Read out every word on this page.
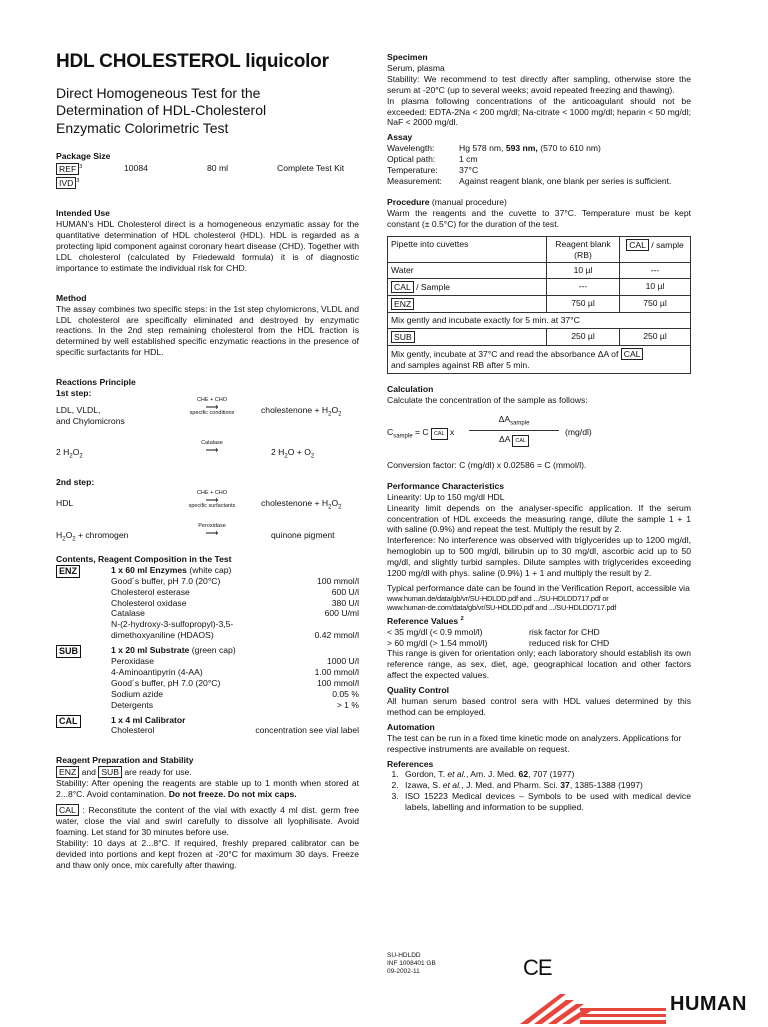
HDL CHOLESTEROL liquicolor
Direct Homogeneous Test for the
Determination of HDL-Cholesterol
Enzymatic Colorimetric Test
Package Size
REF $^3$	10084	80 ml	Complete Test Kit
IVD $^3$
Intended Use

HUMAN’s HDL Cholesterol direct is a homogeneous enzymatic assay for the quantitative determination of HDL cholesterol (HDL). HDL is regarded as a protecting lipid component against coronary heart disease (CHD). Together with LDL cholesterol (calculated by Friedewald formula) it is of diagnostic importance to estimate the individual risk for CHD.

Method

The assay combines two specific steps: in the 1st step chylomicrons, VLDL and LDL cholesterol are specifically eliminated and destroyed by enzymatic reactions. In the 2nd step remaining cholesterol from the HDL fraction is determined by well established specific enzymatic reactions in the presence of specific surfactants for HDL.

Reactions Principle
1st step:
LDL, VLDL,
and Chylomicrons
CHE + CHO
⟶
specific conditions	cholestenone + $H_2O_2$
2 $H_2O_2$
Catalase
⟶	2 $H_2O + O_2$
2nd step:
HDL
CHE + CHO
⟶
specific surfactants	cholestenone + $H_2O_2$
$H_2O_2$ + chromogen
Peroxidase
⟶	quinone pigment
Contents, Reagent Composition in the Test
ENZ	1 x 60 ml Enzymes (white cap)
Good´s buffer, pH 7.0 (20°C)	100 mmol/l
Cholesterol esterase	600 U/l
Cholesterol oxidase	380 U/l
Catalase	600 U/ml
N-(2-hydroxy-3-sulfopropyl)-3,5-
dimethoxyaniline (HDAOS)	0.42 mmol/l
SUB	1 x 20 ml Substrate (green cap)
Peroxidase	1000 U/l
4-Aminoantipyrin (4-AA)	1.00 mmol/l
Good´s buffer, pH 7.0 (20°C)	100 mmol/l
Sodium azide	0.05 %
Detergents	> 1 %
CAL	1 x 4 ml Calibrator
Cholesterol	concentration see vial label
Reagent Preparation and Stability

ENZ and SUB are ready for use.

Stability: After opening the reagents are stable up to 1 month when stored at 2...8°C. Avoid contamination. Do not freeze. Do not mix caps.

CAL : Reconstitute the content of the vial with exactly 4 ml dist. germ free water, close the vial and swirl carefully to dissolve all lyophilisate. Avoid foaming. Let stand for 30 minutes before use.

Stability: 10 days at 2...8°C. If required, freshly prepared calibrator can be devided into portions and kept frozen at -20°C for maximum 30 days. Freeze and thaw only once, mix carefully after thawing.

Specimen

Serum, plasma

Stability: We recommend to test directly after sampling, otherwise store the serum at -20°C (up to several weeks; avoid repeated freezing and thawing).

In plasma following concentrations of the anticoagulant should not be exceeded: EDTA-2Na < 200 mg/dl; Na-citrate < 1000 mg/dl; heparin < 50 mg/dl; NaF < 2000 mg/dl.

Assay
Wavelength:	Hg 578 nm, 593 nm, (570 to 610 nm)
Optical path:	1 cm
Temperature:	37°C
Measurement:	Against reagent blank, one blank per series is sufficient.
Procedure (manual procedure)

Warm the reagents and the cuvette to 37°C. Temperature must be kept constant (± 0.5°C) for the duration of the test.

Pipette into cuvettes	Reagent blank (RB)	CAL / sample
Water	10 µl	---
CAL / Sample	---	10 µl
ENZ	750 µl	750 µl
Mix gently and incubate exactly for 5 min. at 37°C		
SUB	250 µl	250 µl
Mix gently, incubate at 37°C and read the absorbance ΔA of CAL
and samples against RB after 5 min.		
Calculation

Calculate the concentration of the sample as follows:

$C_{sample} = C$ CAL x
$\Delta A_{sample}$
ΔA CAL
(mg/dl)

Conversion factor: C (mg/dl) x 0.02586 = C (mmol/l).

Performance Characteristics

Linearity: Up to 150 mg/dl HDL

Linearity limit depends on the analyser-specific application. If the serum concentration of HDL exceeds the measuring range, dilute the sample 1 + 1 with saline (0.9%) and repeat the test. Multiply the result by 2.

Interference: No interference was observed with triglycerides up to 1200 mg/dl, hemoglobin up to 500 mg/dl, bilirubin up to 30 mg/dl, ascorbic acid up to 50 mg/dl, and slightly turbid samples. Dilute samples with triglycerides exceeding 1200 mg/dl with phys. saline (0.9%) 1 + 1 and multiply the result by 2.

Typical performance date can be found in the Verification Report, accessible via

www.human.de/data/gb/vr/SU-HDLDD.pdf and .../SU-HDLDD717.pdf or

www.human-de.com/data/gb/vr/SU-HDLDD.pdf and .../SU-HDLDD717.pdf

Reference Values $^2$
< 35 mg/dl (< 0.9 mmol/l)	risk factor for CHD
> 60 mg/dl (> 1.54 mmol/l)	reduced risk for CHD

This range is given for orientation only; each laboratory should establish its own reference range, as sex, diet, age, geographical location and other factors affect the expected values.

Quality Control

All human serum based control sera with HDL values determined by this method can be employed.

Automation

The test can be run in a fixed time kinetic mode on analyzers. Applications for respective instruments are available on request.

References
1. Gordon, T. et al., Am. J. Med. 62, 707 (1977)
2. Izawa, S. et al., J. Med. and Pharm. Sci. 37, 1385-1388 (1997)
3. ISO 15223 Medical devices – Symbols to be used with medical device labels, labelling and information to be supplied.
SU-HDLDD
INF 1008401 GB
09-2002-11	CE
HUMAN
